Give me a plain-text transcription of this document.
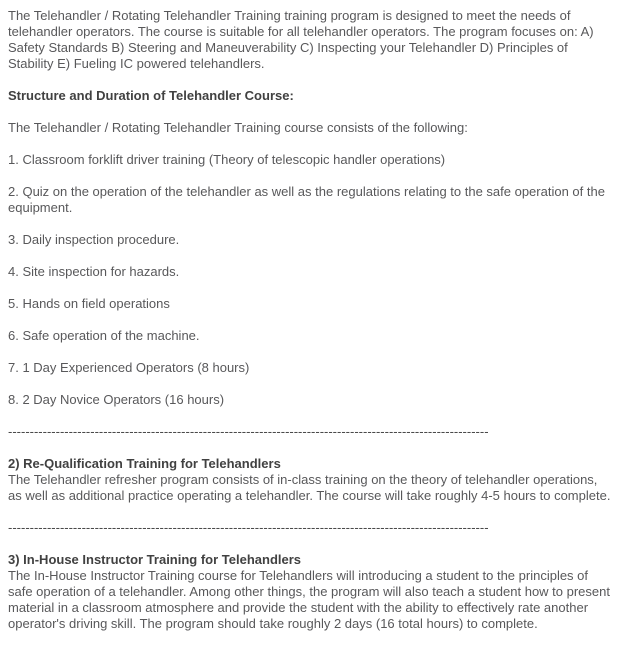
The Telehandler / Rotating Telehandler Training training program is designed to meet the needs of telehandler operators. The course is suitable for all telehandler operators. The program focuses on: A) Safety Standards B) Steering and Maneuverability C) Inspecting your Telehandler D) Principles of Stability E) Fueling IC powered telehandlers.
Structure and Duration of Telehandler Course:
The Telehandler / Rotating Telehandler Training course consists of the following:
1. Classroom forklift driver training (Theory of telescopic handler operations)
2. Quiz on the operation of the telehandler as well as the regulations relating to the safe operation of the equipment.
3. Daily inspection procedure.
4. Site inspection for hazards.
5. Hands on field operations
6. Safe operation of the machine.
7. 1 Day Experienced Operators (8 hours)
8. 2 Day Novice Operators (16 hours)
---------------------------------------------------------------------------------------------------------------
2) Re-Qualification Training for Telehandlers
The Telehandler refresher program consists of in-class training on the theory of telehandler operations, as well as additional practice operating a telehandler. The course will take roughly 4-5 hours to complete.
---------------------------------------------------------------------------------------------------------------
3) In-House Instructor Training for Telehandlers
The In-House Instructor Training course for Telehandlers will introducing a student to the principles of safe operation of a telehandler. Among other things, the program will also teach a student how to present material in a classroom atmosphere and provide the student with the ability to effectively rate another operator's driving skill. The program should take roughly 2 days (16 total hours) to complete.
